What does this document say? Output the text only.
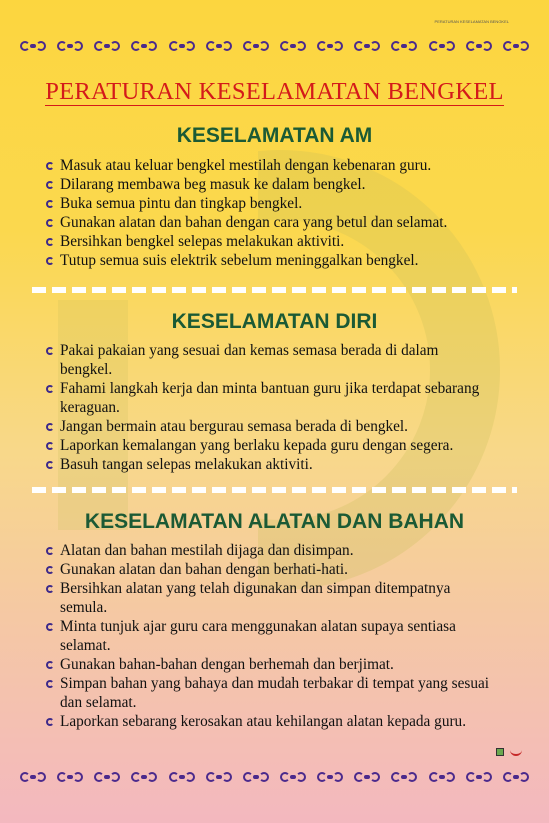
PERATURAN KESELAMATAN BENGKEL
PERATURAN KESELAMATAN BENGKEL
KESELAMATAN AM
Masuk atau keluar bengkel mestilah dengan kebenaran guru.
Dilarang membawa beg masuk ke dalam bengkel.
Buka semua pintu dan tingkap bengkel.
Gunakan alatan dan bahan dengan cara yang betul dan selamat.
Bersihkan bengkel selepas melakukan aktiviti.
Tutup semua suis elektrik sebelum meninggalkan bengkel.
KESELAMATAN DIRI
Pakai pakaian yang sesuai dan kemas semasa berada di dalam bengkel.
Fahami langkah kerja dan minta bantuan guru jika terdapat sebarang keraguan.
Jangan bermain atau bergurau semasa berada di bengkel.
Laporkan kemalangan yang berlaku kepada guru dengan segera.
Basuh tangan selepas melakukan aktiviti.
KESELAMATAN ALATAN DAN BAHAN
Alatan dan bahan mestilah dijaga dan disimpan.
Gunakan alatan dan bahan dengan berhati-hati.
Bersihkan alatan yang telah digunakan dan simpan ditempatnya semula.
Minta tunjuk ajar guru cara menggunakan alatan supaya sentiasa selamat.
Gunakan bahan-bahan dengan berhemah dan berjimat.
Simpan bahan yang bahaya dan mudah terbakar di tempat yang sesuai dan selamat.
Laporkan sebarang kerosakan atau kehilangan alatan kepada guru.
